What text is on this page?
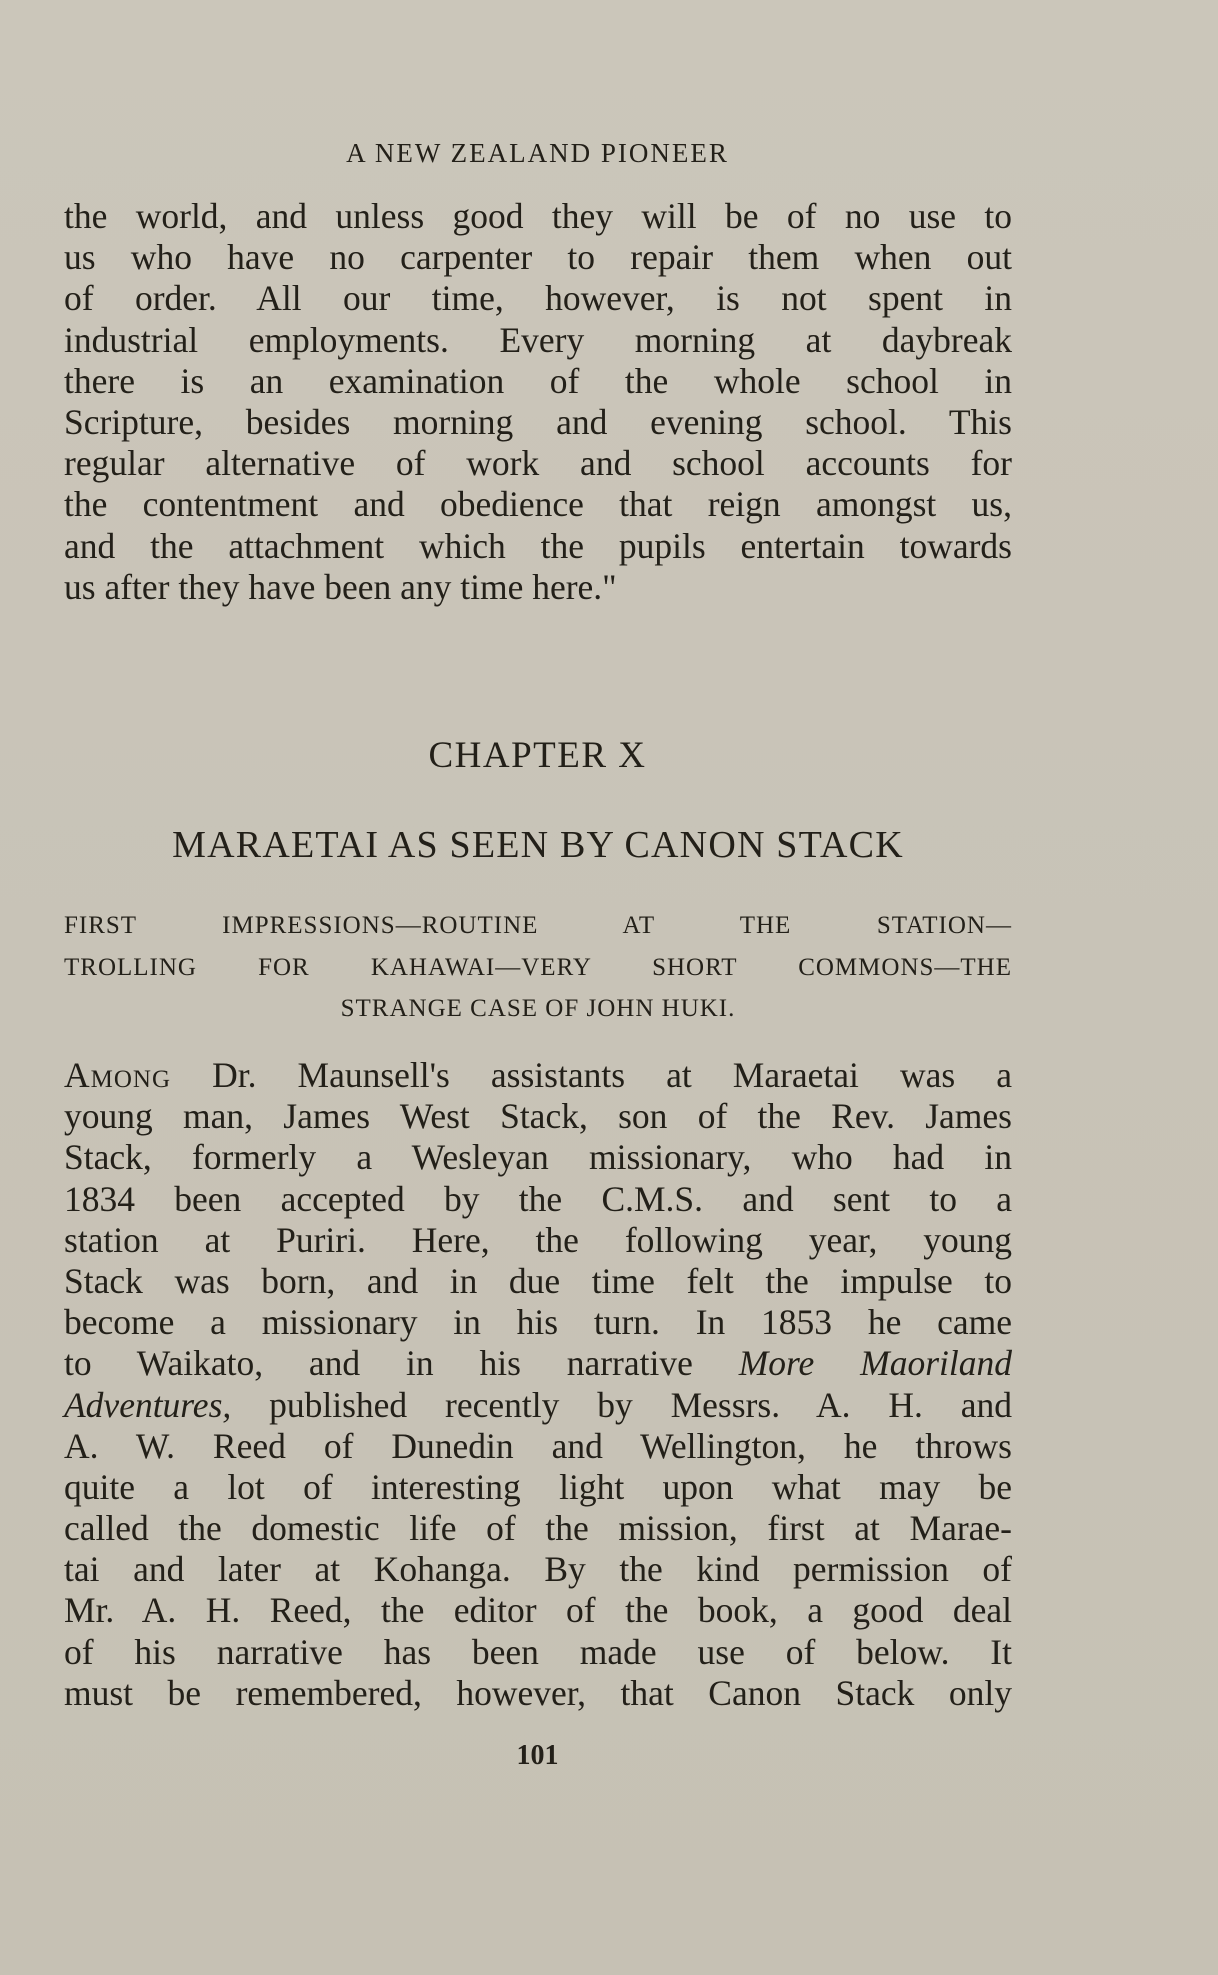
A NEW ZEALAND PIONEER
the world, and unless good they will be of no use to
us who have no carpenter to repair them when out
of order. All our time, however, is not spent in
industrial employments. Every morning at daybreak
there is an examination of the whole school in
Scripture, besides morning and evening school. This
regular alternative of work and school accounts for
the contentment and obedience that reign amongst us,
and the attachment which the pupils entertain towards
us after they have been any time here."
CHAPTER X
MARAETAI AS SEEN BY CANON STACK
FIRST IMPRESSIONS—ROUTINE AT THE STATION—
TROLLING FOR KAHAWAI—VERY SHORT COMMONS—THE
STRANGE CASE OF JOHN HUKI.
Among Dr. Maunsell's assistants at Maraetai was a
young man, James West Stack, son of the Rev. James
Stack, formerly a Wesleyan missionary, who had in
1834 been accepted by the C.M.S. and sent to a
station at Puriri. Here, the following year, young
Stack was born, and in due time felt the impulse to
become a missionary in his turn. In 1853 he came
to Waikato, and in his narrative More Maoriland
Adventures, published recently by Messrs. A. H. and
A. W. Reed of Dunedin and Wellington, he throws
quite a lot of interesting light upon what may be
called the domestic life of the mission, first at Marae-
tai and later at Kohanga. By the kind permission of
Mr. A. H. Reed, the editor of the book, a good deal
of his narrative has been made use of below. It
must be remembered, however, that Canon Stack only
101
